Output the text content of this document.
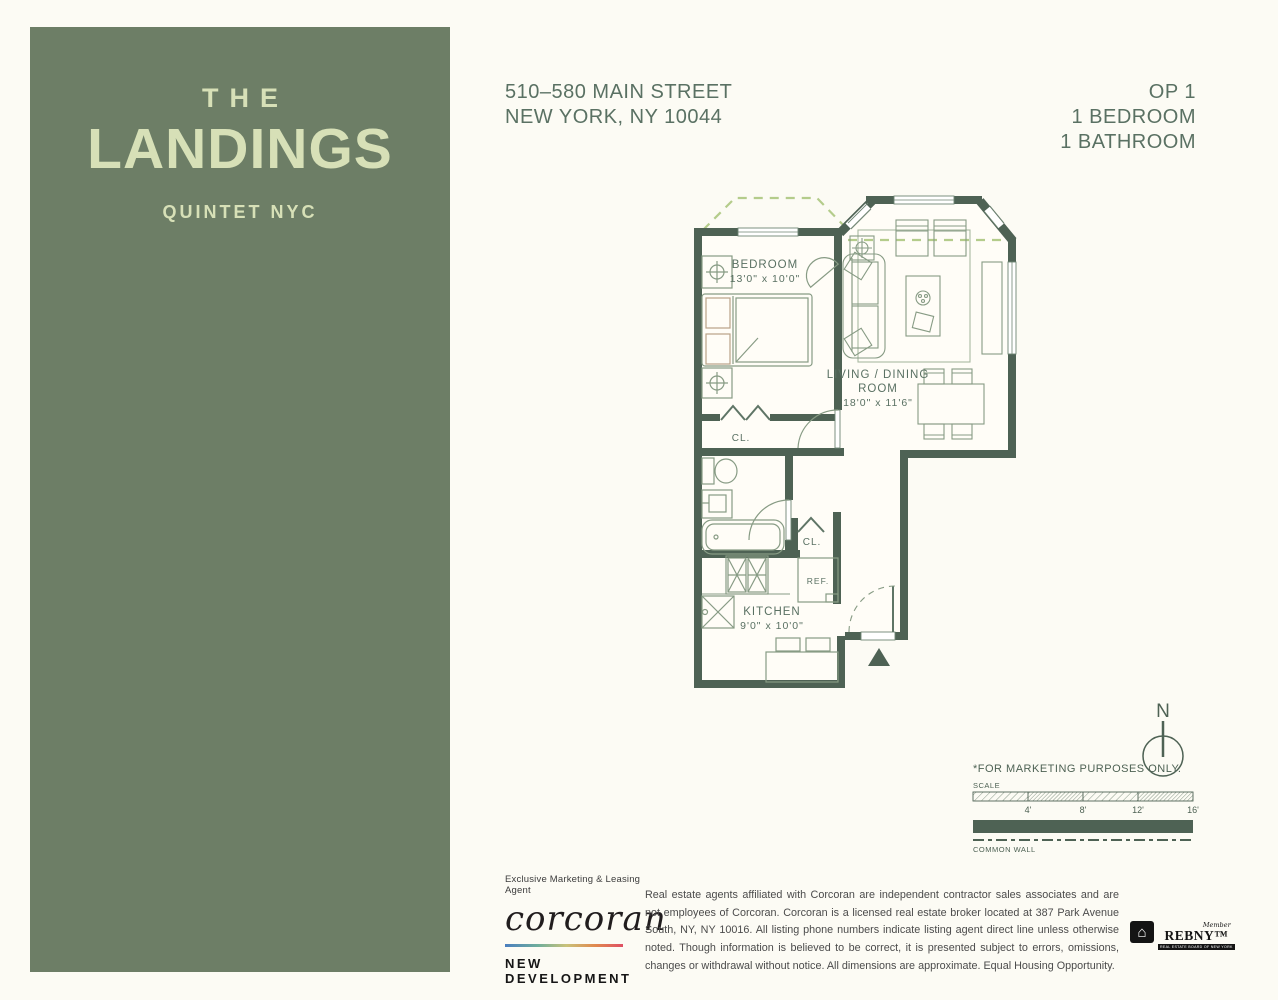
THE
LANDINGS
QUINTET NYC
510–580 MAIN STREET
NEW YORK, NY 10044
OP 1
1 BEDROOM
1 BATHROOM
BEDROOM
13'0" x 10'0"
LIVING / DINING
ROOM
18'0" x 11'6"
KITCHEN
9'0" x 10'0"
CL.
CL.
REF.
N
*FOR MARKETING PURPOSES ONLY.
SCALE
4'	8'	12'	16'
COMMON WALL
Exclusive Marketing & Leasing Agent
corcoran
NEW DEVELOPMENT

Real estate agents affiliated with Corcoran are independent contractor sales associates and are not employees of Corcoran. Corcoran is a licensed real estate broker located at 387 Park Avenue South, NY, NY 10016. All listing phone numbers indicate listing agent direct line unless otherwise noted. Though information is believed to be correct, it is presented subject to errors, omissions, changes or withdrawal without notice. All dimensions are approximate. Equal Housing Opportunity.

⌂	Member
REBNY™
REAL ESTATE BOARD OF NEW YORK
